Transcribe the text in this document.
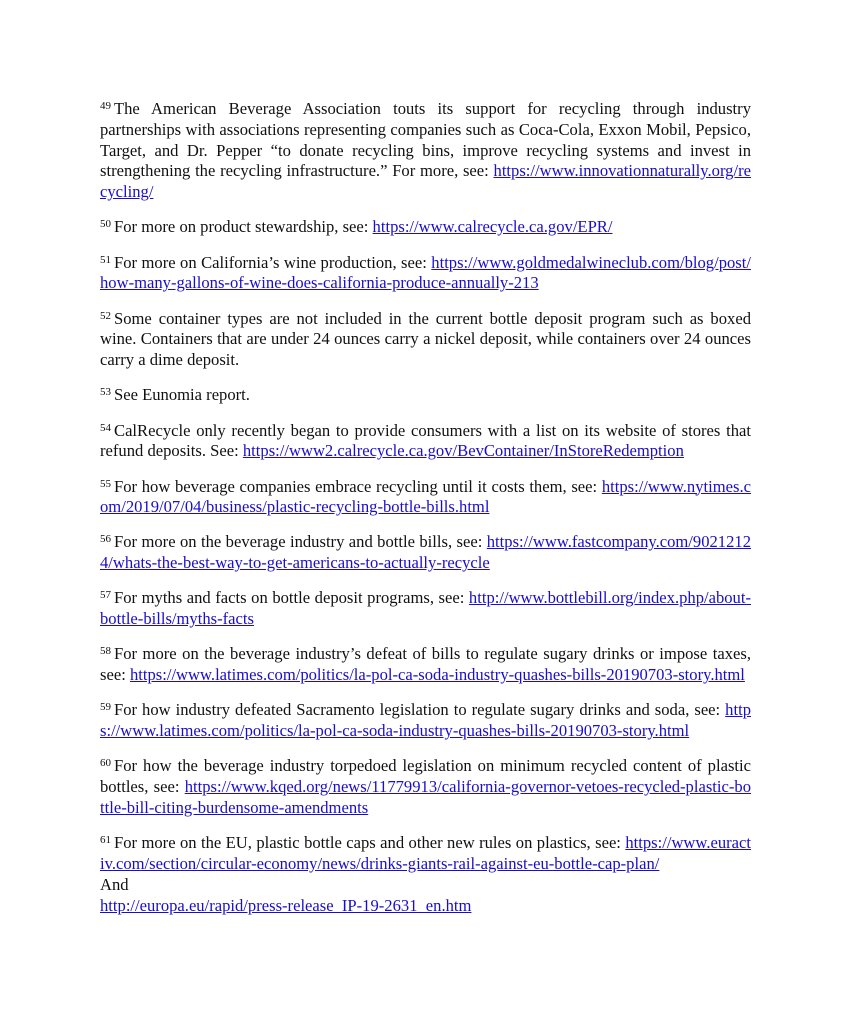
$^{49}$ The American Beverage Association touts its support for recycling through industry partnerships with associations representing companies such as Coca-Cola, Exxon Mobil, Pepsico, Target, and Dr. Pepper “to donate recycling bins, improve recycling systems and invest in strengthening the recycling infrastructure.” For more, see: https://www.innovationnaturally.org/recycling/

$^{50}$ For more on product stewardship, see: https://www.calrecycle.ca.gov/EPR/

$^{51}$ For more on California’s wine production, see: https://www.goldmedalwineclub.com/blog/post/how-many-gallons-of-wine-does-california-produce-annually-213

$^{52}$ Some container types are not included in the current bottle deposit program such as boxed wine. Containers that are under 24 ounces carry a nickel deposit, while containers over 24 ounces carry a dime deposit.

$^{53}$ See Eunomia report.

$^{54}$ CalRecycle only recently began to provide consumers with a list on its website of stores that refund deposits. See: https://www2.calrecycle.ca.gov/BevContainer/InStoreRedemption

$^{55}$ For how beverage companies embrace recycling until it costs them, see: https://www.nytimes.com/2019/07/04/business/plastic-recycling-bottle-bills.html

$^{56}$ For more on the beverage industry and bottle bills, see: https://www.fastcompany.com/90212124/whats-the-best-way-to-get-americans-to-actually-recycle

$^{57}$ For myths and facts on bottle deposit programs, see: http://www.bottlebill.org/index.php/about-bottle-bills/myths-facts

$^{58}$ For more on the beverage industry’s defeat of bills to regulate sugary drinks or impose taxes, see: https://www.latimes.com/politics/la-pol-ca-soda-industry-quashes-bills-20190703-story.html

$^{59}$ For how industry defeated Sacramento legislation to regulate sugary drinks and soda, see: https://www.latimes.com/politics/la-pol-ca-soda-industry-quashes-bills-20190703-story.html

$^{60}$ For how the beverage industry torpedoed legislation on minimum recycled content of plastic bottles, see: https://www.kqed.org/news/11779913/california-governor-vetoes-recycled-plastic-bottle-bill-citing-burdensome-amendments

$^{61}$ For more on the EU, plastic bottle caps and other new rules on plastics, see: https://www.euractiv.com/section/circular-economy/news/drinks-giants-rail-against-eu-bottle-cap-plan/

And

http://europa.eu/rapid/press-release_IP-19-2631_en.htm
